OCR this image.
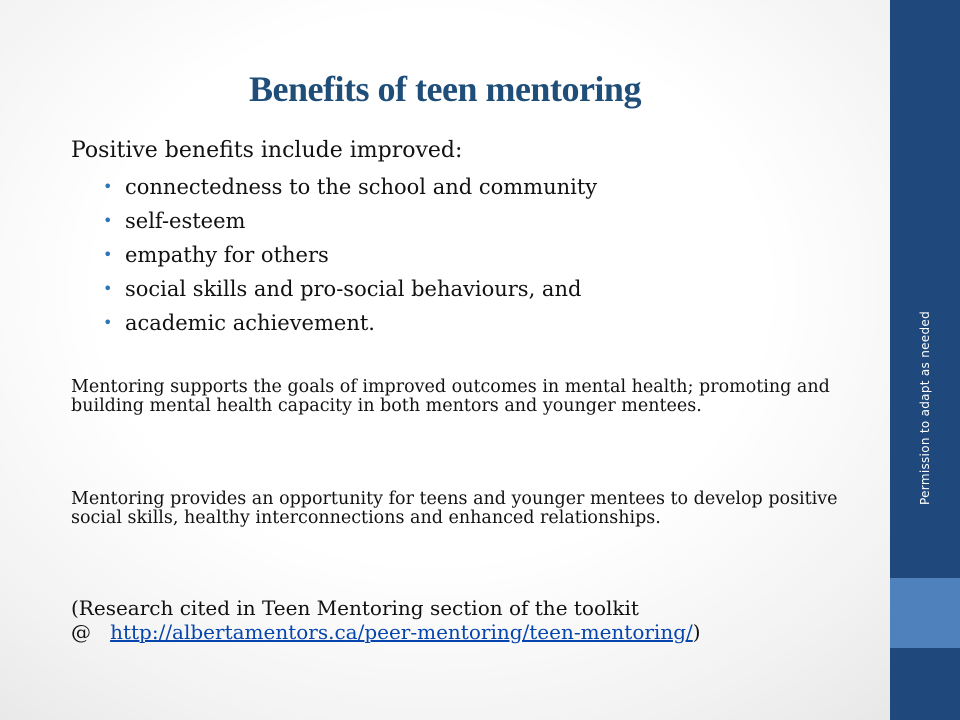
Benefits of teen mentoring

Positive benefits include improved:

• connectedness to the school and community
• self-esteem
• empathy for others
• social skills and pro-social behaviours, and
• academic achievement.

Mentoring supports the goals of improved outcomes in mental health; promoting and building mental health capacity in both mentors and younger mentees.

Mentoring provides an opportunity for teens and younger mentees to develop positive social skills, healthy interconnections and enhanced relationships.

(Research cited in Teen Mentoring section of the toolkit
@ http://albertamentors.ca/peer-mentoring/teen-mentoring/)
Permission to adapt as needed
